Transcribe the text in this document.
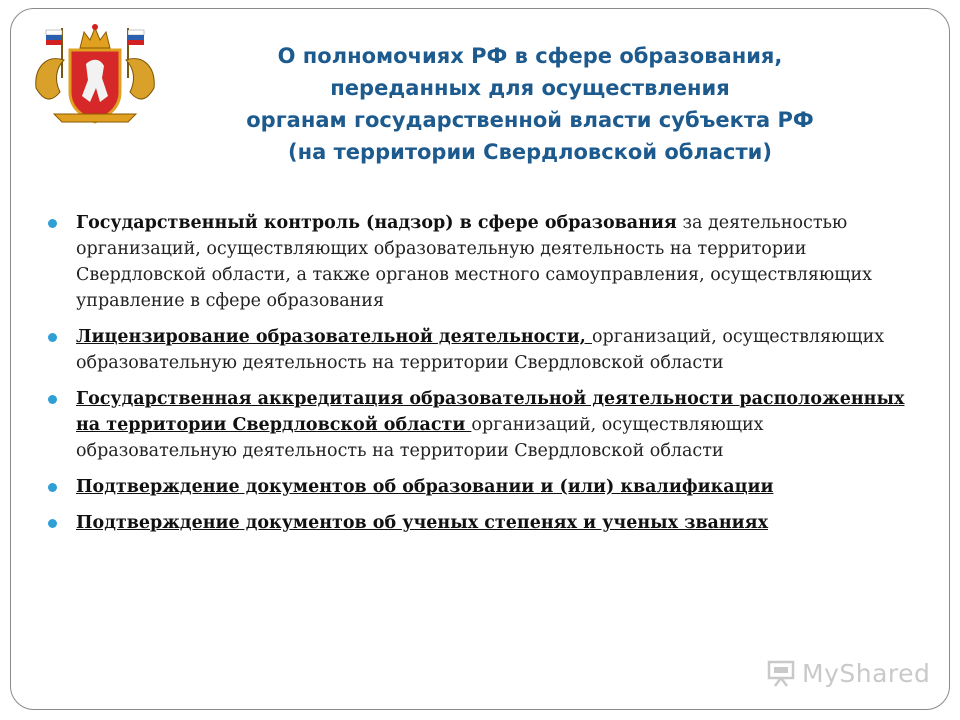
О полномочиях РФ в сфере образования,
переданных для осуществления
органам государственной власти субъекта РФ
(на территории Свердловской области)
Государственный контроль (надзор) в сфере образования за деятельностью организаций, осуществляющих образовательную деятельность на территории Свердловской области, а также органов местного самоуправления, осуществляющих управление в сфере образования
Лицензирование образовательной деятельности, организаций, осуществляющих образовательную деятельность на территории Свердловской области
Государственная аккредитация образовательной деятельности расположенных на территории Свердловской области организаций, осуществляющих образовательную деятельность на территории Свердловской области
Подтверждение документов об образовании и (или) квалификации
Подтверждение документов об ученых степенях и ученых званиях
MyShared
